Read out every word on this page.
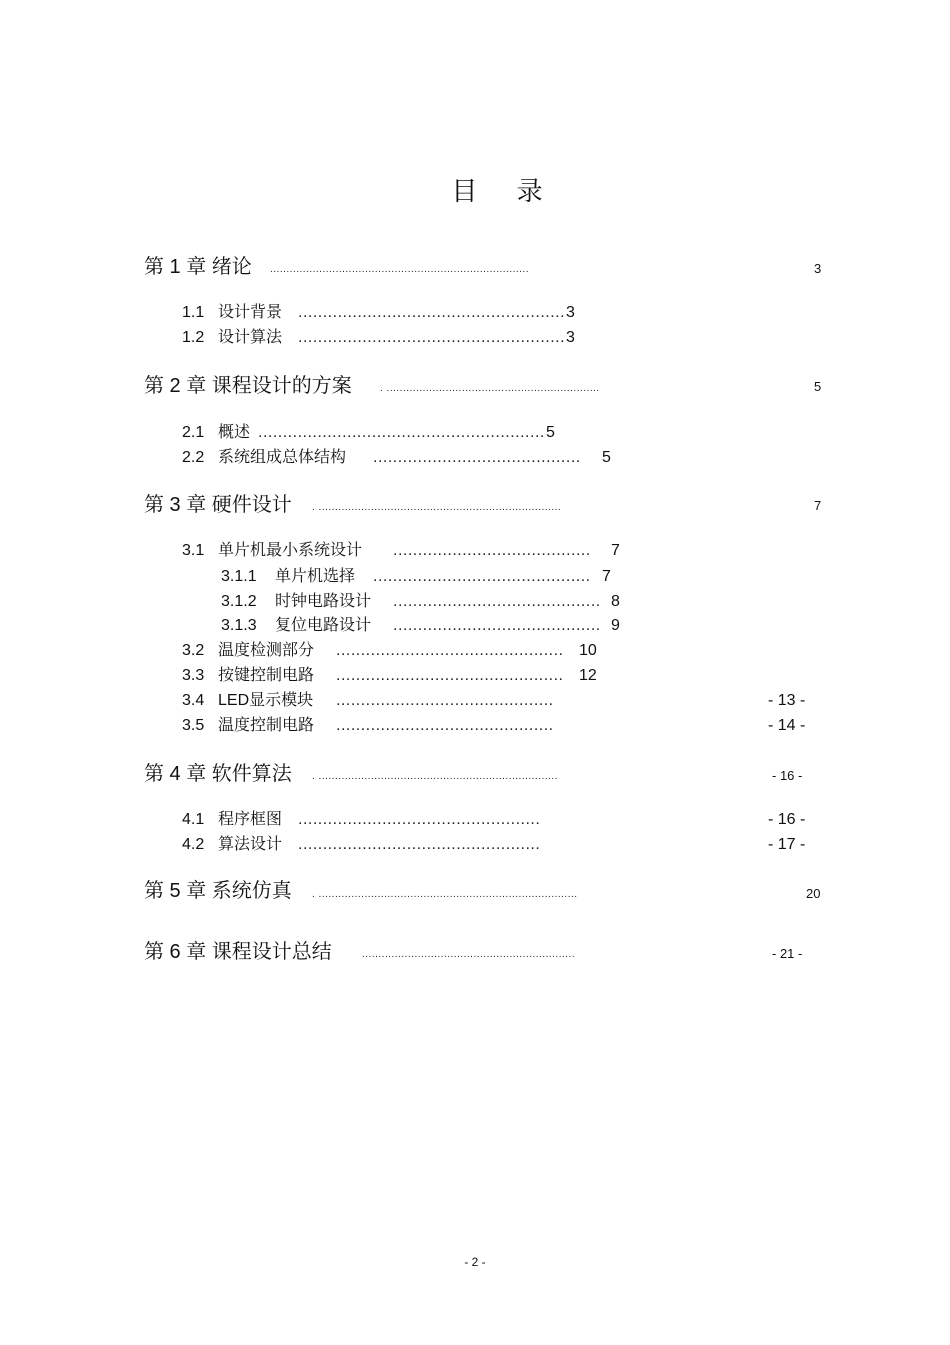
目 录
第 1 章 绪论 ...............................................................................	3
1.1 设计背景 ...................................................... 3
1.2 设计算法 ...................................................... 3
第 2 章 课程设计的方案	. .................................................................	5
2.1 概述 .......................................................... 5
2.2 系统组成总体结构 .......................................... 5
第 3 章 硬件设计 . ..........................................................................	7
3.1 单片机最小系统设计 ........................................ 7
3.1.1 单片机选择 ............................................ 7
3.1.2 时钟电路设计 .......................................... 8
3.1.3 复位电路设计 .......................................... 9
3.2 温度检测部分 .............................................. 10
3.3 按键控制电路 .............................................. 12
3.4 LED显示模块 ............................................	- 13 -
3.5 温度控制电路 ............................................	- 14 -
第 4 章 软件算法 . .........................................................................	- 16 -
4.1 程序框图 .................................................	- 16 -
4.2 算法设计 .................................................	- 17 -
第 5 章 系统仿真 . ...............................................................................	20
第 6 章 课程设计总结	.................................................................	- 21 -
- 2 -
